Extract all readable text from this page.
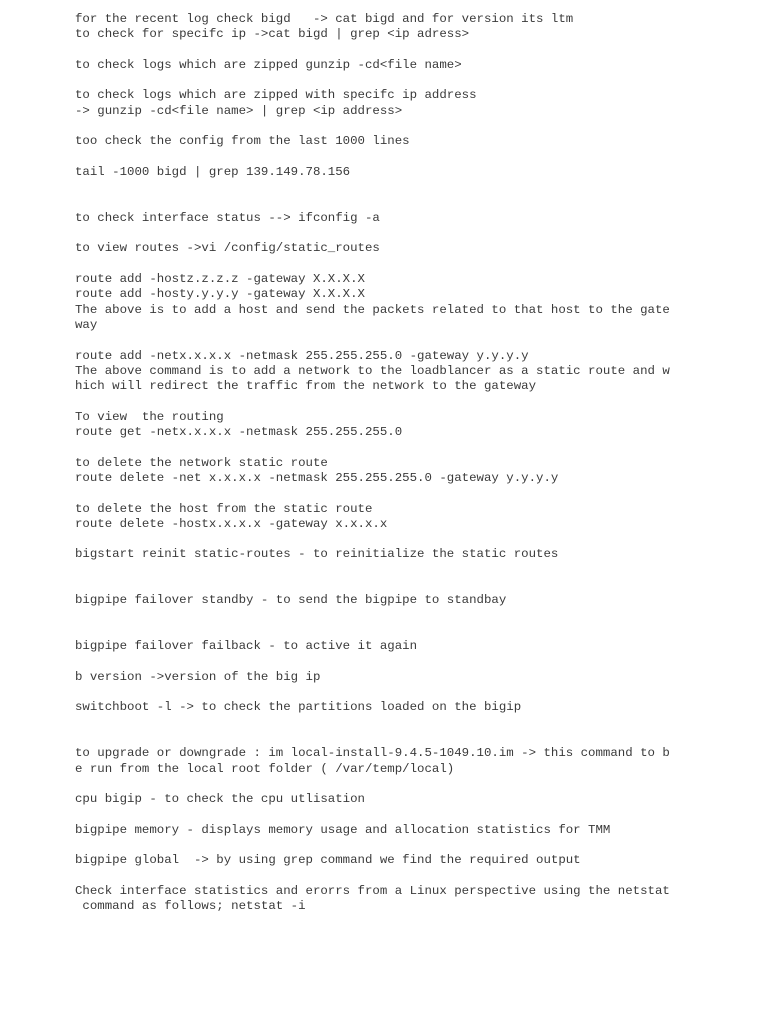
for the recent log check bigd   -> cat bigd and for version its ltm
to check for specifc ip ->cat bigd | grep <ip adress>
to check logs which are zipped gunzip -cd<file name>
to check logs which are zipped with specifc ip address
-> gunzip -cd<file name> | grep <ip address>
too check the config from the last 1000 lines
tail -1000 bigd | grep 139.149.78.156
to check interface status --> ifconfig -a
to view routes ->vi /config/static_routes
route add -hostz.z.z.z -gateway X.X.X.X
route add -hosty.y.y.y -gateway X.X.X.X
The above is to add a host and send the packets related to that host to the gate
way
route add -netx.x.x.x -netmask 255.255.255.0 -gateway y.y.y.y
The above command is to add a network to the loadblancer as a static route and w
hich will redirect the traffic from the network to the gateway
To view  the routing
route get -netx.x.x.x -netmask 255.255.255.0
to delete the network static route
route delete -net x.x.x.x -netmask 255.255.255.0 -gateway y.y.y.y
to delete the host from the static route
route delete -hostx.x.x.x -gateway x.x.x.x
bigstart reinit static-routes - to reinitialize the static routes
bigpipe failover standby - to send the bigpipe to standbay
bigpipe failover failback - to active it again
b version ->version of the big ip
switchboot -l -> to check the partitions loaded on the bigip
to upgrade or downgrade : im local-install-9.4.5-1049.10.im -> this command to b
e run from the local root folder ( /var/temp/local)
cpu bigip - to check the cpu utlisation
bigpipe memory - displays memory usage and allocation statistics for TMM
bigpipe global  -> by using grep command we find the required output
Check interface statistics and erorrs from a Linux perspective using the netstat
command as follows; netstat -i
